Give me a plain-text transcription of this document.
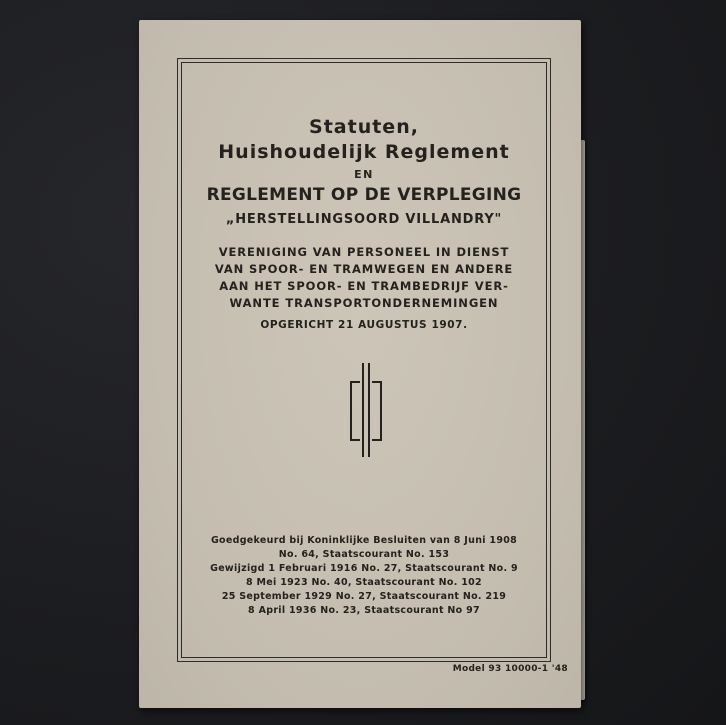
Statuten,
Huishoudelijk Reglement
EN
REGLEMENT OP DE VERPLEGING
„HERSTELLINGSOORD VILLANDRY"
VERENIGING VAN PERSONEEL IN DIENST
VAN SPOOR- EN TRAMWEGEN EN ANDERE
AAN HET SPOOR- EN TRAMBEDRIJF VER-
WANTE TRANSPORTONDERNEMINGEN
OPGERICHT 21 AUGUSTUS 1907.
Goedgekeurd bij Koninklijke Besluiten van 8 Juni 1908
No. 64, Staatscourant No. 153
Gewijzigd 1 Februari 1916 No. 27, Staatscourant No. 9
8 Mei 1923 No. 40, Staatscourant No. 102
25 September 1929 No. 27, Staatscourant No. 219
8 April 1936 No. 23, Staatscourant No 97
Model 93 10000-1 '48
